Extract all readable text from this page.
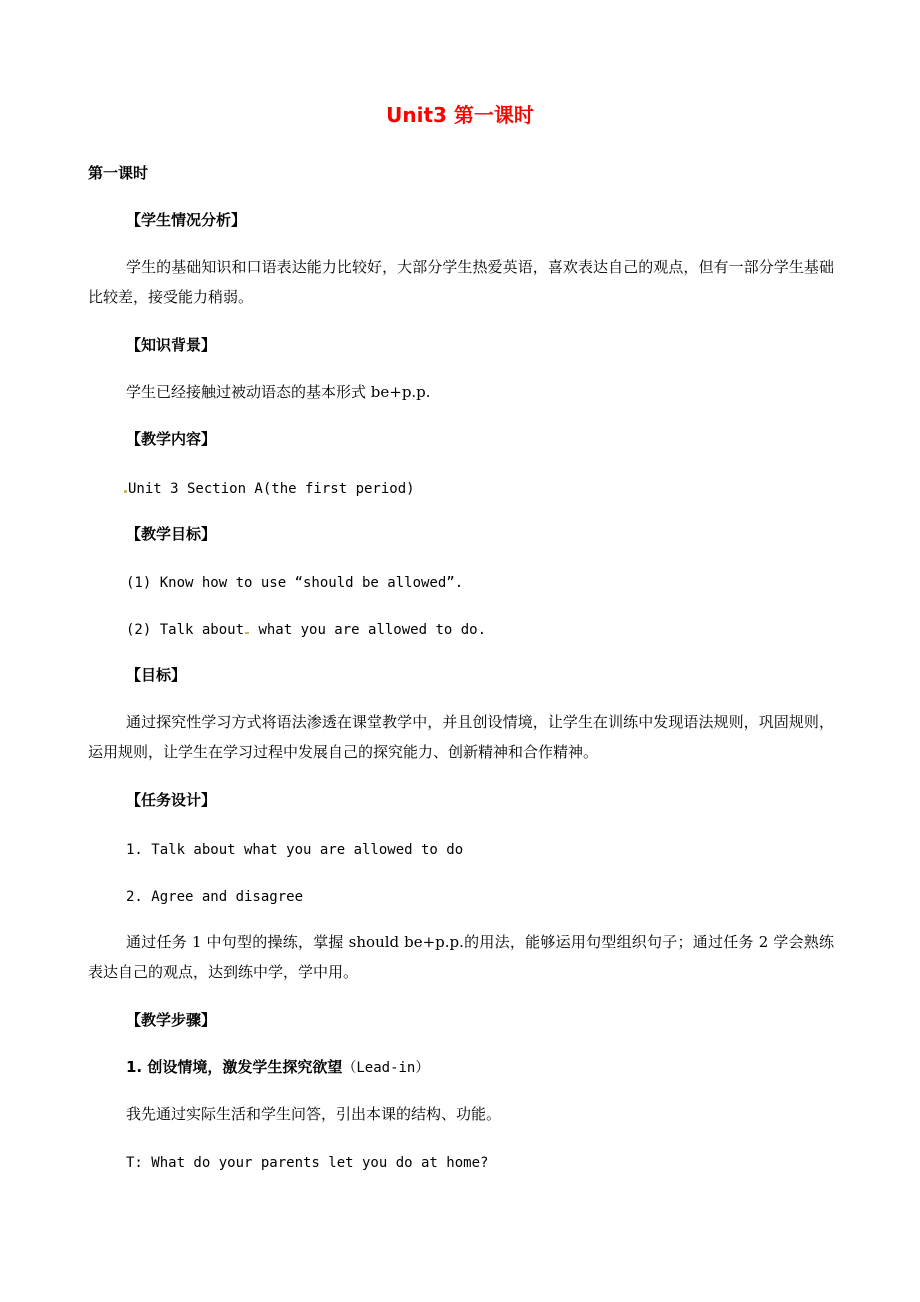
Unit3 第一课时
第一课时
【学生情况分析】
学生的基础知识和口语表达能力比较好，大部分学生热爱英语，喜欢表达自己的观点，但有一部分学生基础比较差，接受能力稍弱。
【知识背景】
学生已经接触过被动语态的基本形式 be+p.p.
【教学内容】
Unit 3 Section A(the first period)
【教学目标】
(1) Know how to use “should be allowed”.
(2) Talk about what you are allowed to do.
【目标】
通过探究性学习方式将语法渗透在课堂教学中，并且创设情境，让学生在训练中发现语法规则，巩固规则，运用规则，让学生在学习过程中发展自己的探究能力、创新精神和合作精神。
【任务设计】
1. Talk about what you are allowed to do
2. Agree and disagree
通过任务 1 中句型的操练，掌握 should be+p.p.的用法，能够运用句型组织句子；通过任务 2 学会熟练表达自己的观点，达到练中学，学中用。
【教学步骤】
1. 创设情境，激发学生探究欲望（Lead-in）
我先通过实际生活和学生问答，引出本课的结构、功能。
T: What do your parents let you do at home?
